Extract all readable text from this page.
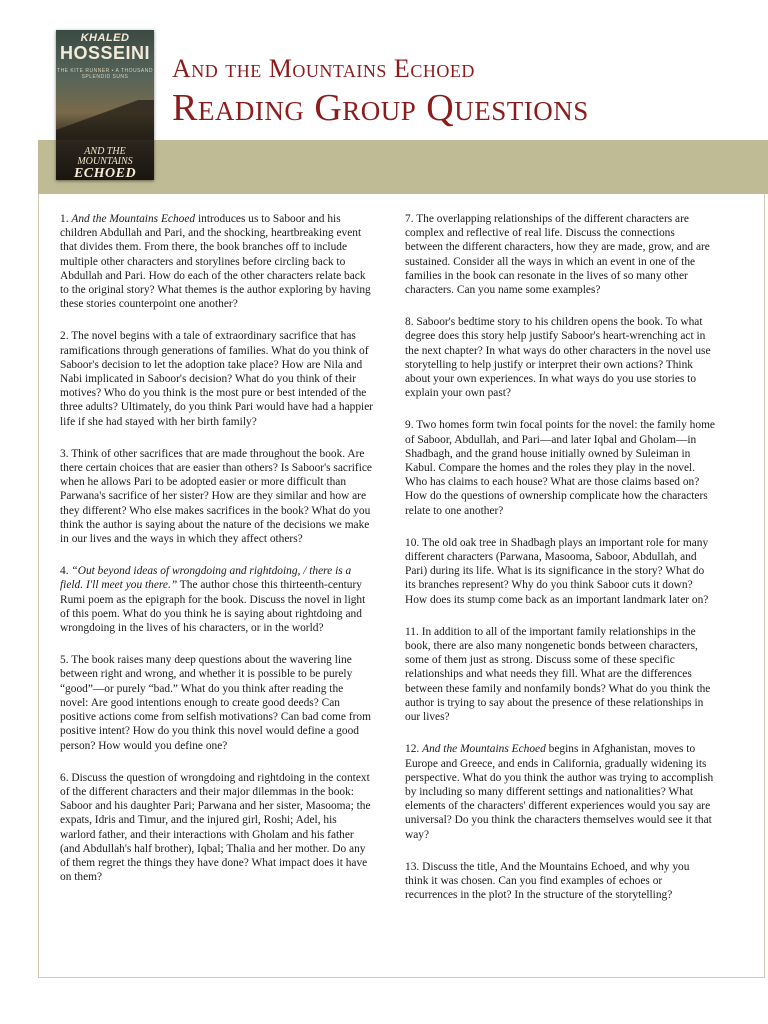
KHALED
HOSSEINI
THE KITE RUNNER • A THOUSAND SPLENDID SUNS
AND THE
MOUNTAINS
ECHOED
And the Mountains Echoed
Reading Group Questions

1. And the Mountains Echoed introduces us to Saboor and his children Abdullah and Pari, and the shocking, heartbreaking event that divides them. From there, the book branches off to include multiple other characters and storylines before circling back to Abdullah and Pari. How do each of the other characters relate back to the original story? What themes is the author exploring by having these stories counterpoint one another?

2. The novel begins with a tale of extraordinary sacrifice that has ramifications through generations of families. What do you think of Saboor's decision to let the adoption take place? How are Nila and Nabi implicated in Saboor's decision? What do you think of their motives? Who do you think is the most pure or best intended of the three adults? Ultimately, do you think Pari would have had a happier life if she had stayed with her birth family?

3. Think of other sacrifices that are made throughout the book. Are there certain choices that are easier than others? Is Saboor's sacrifice when he allows Pari to be adopted easier or more difficult than Parwana's sacrifice of her sister? How are they similar and how are they different? Who else makes sacrifices in the book? What do you think the author is saying about the nature of the decisions we make in our lives and the ways in which they affect others?

4. “Out beyond ideas of wrongdoing and rightdoing, / there is a field. I'll meet you there.” The author chose this thirteenth-century Rumi poem as the epigraph for the book. Discuss the novel in light of this poem. What do you think he is saying about rightdoing and wrongdoing in the lives of his characters, or in the world?

5. The book raises many deep questions about the wavering line between right and wrong, and whether it is possible to be purely “good”—or purely “bad.” What do you think after reading the novel: Are good intentions enough to create good deeds? Can positive actions come from selfish motivations? Can bad come from positive intent? How do you think this novel would define a good person? How would you define one?

6. Discuss the question of wrongdoing and rightdoing in the context of the different characters and their major dilemmas in the book: Saboor and his daughter Pari; Parwana and her sister, Masooma; the expats, Idris and Timur, and the injured girl, Roshi; Adel, his warlord father, and their interactions with Gholam and his father (and Abdullah's half brother), Iqbal; Thalia and her mother. Do any of them regret the things they have done? What impact does it have on them?

7. The overlapping relationships of the different characters are complex and reflective of real life. Discuss the connections between the different characters, how they are made, grow, and are sustained. Consider all the ways in which an event in one of the families in the book can resonate in the lives of so many other characters. Can you name some examples?

8. Saboor's bedtime story to his children opens the book. To what degree does this story help justify Saboor's heart-wrenching act in the next chapter? In what ways do other characters in the novel use storytelling to help justify or interpret their own actions? Think about your own experiences. In what ways do you use stories to explain your own past?

9. Two homes form twin focal points for the novel: the family home of Saboor, Abdullah, and Pari—and later Iqbal and Gholam—in Shadbagh, and the grand house initially owned by Suleiman in Kabul. Compare the homes and the roles they play in the novel. Who has claims to each house? What are those claims based on? How do the questions of ownership complicate how the characters relate to one another?

10. The old oak tree in Shadbagh plays an important role for many different characters (Parwana, Masooma, Saboor, Abdullah, and Pari) during its life. What is its significance in the story? What do its branches represent? Why do you think Saboor cuts it down? How does its stump come back as an important landmark later on?

11. In addition to all of the important family relationships in the book, there are also many nongenetic bonds between characters, some of them just as strong. Discuss some of these specific relationships and what needs they fill. What are the differences between these family and nonfamily bonds? What do you think the author is trying to say about the presence of these relationships in our lives?

12. And the Mountains Echoed begins in Afghanistan, moves to Europe and Greece, and ends in California, gradually widening its perspective. What do you think the author was trying to accomplish by including so many different settings and nationalities? What elements of the characters' different experiences would you say are universal? Do you think the characters themselves would see it that way?

13. Discuss the title, And the Mountains Echoed, and why you think it was chosen. Can you find examples of echoes or recurrences in the plot? In the structure of the storytelling?
